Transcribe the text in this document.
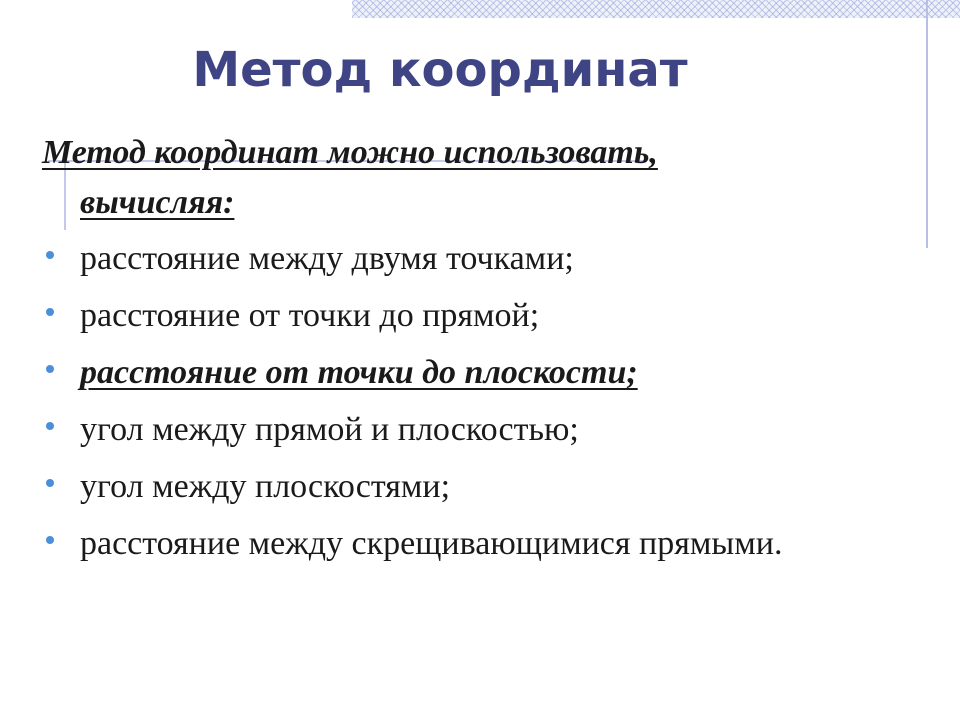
Метод координат
Метод координат можно использовать,
вычисляя:
расстояние между двумя точками;
расстояние от точки до прямой;
расстояние от точки до плоскости;
угол между прямой и плоскостью;
угол между плоскостями;
расстояние между скрещивающимися прямыми.
